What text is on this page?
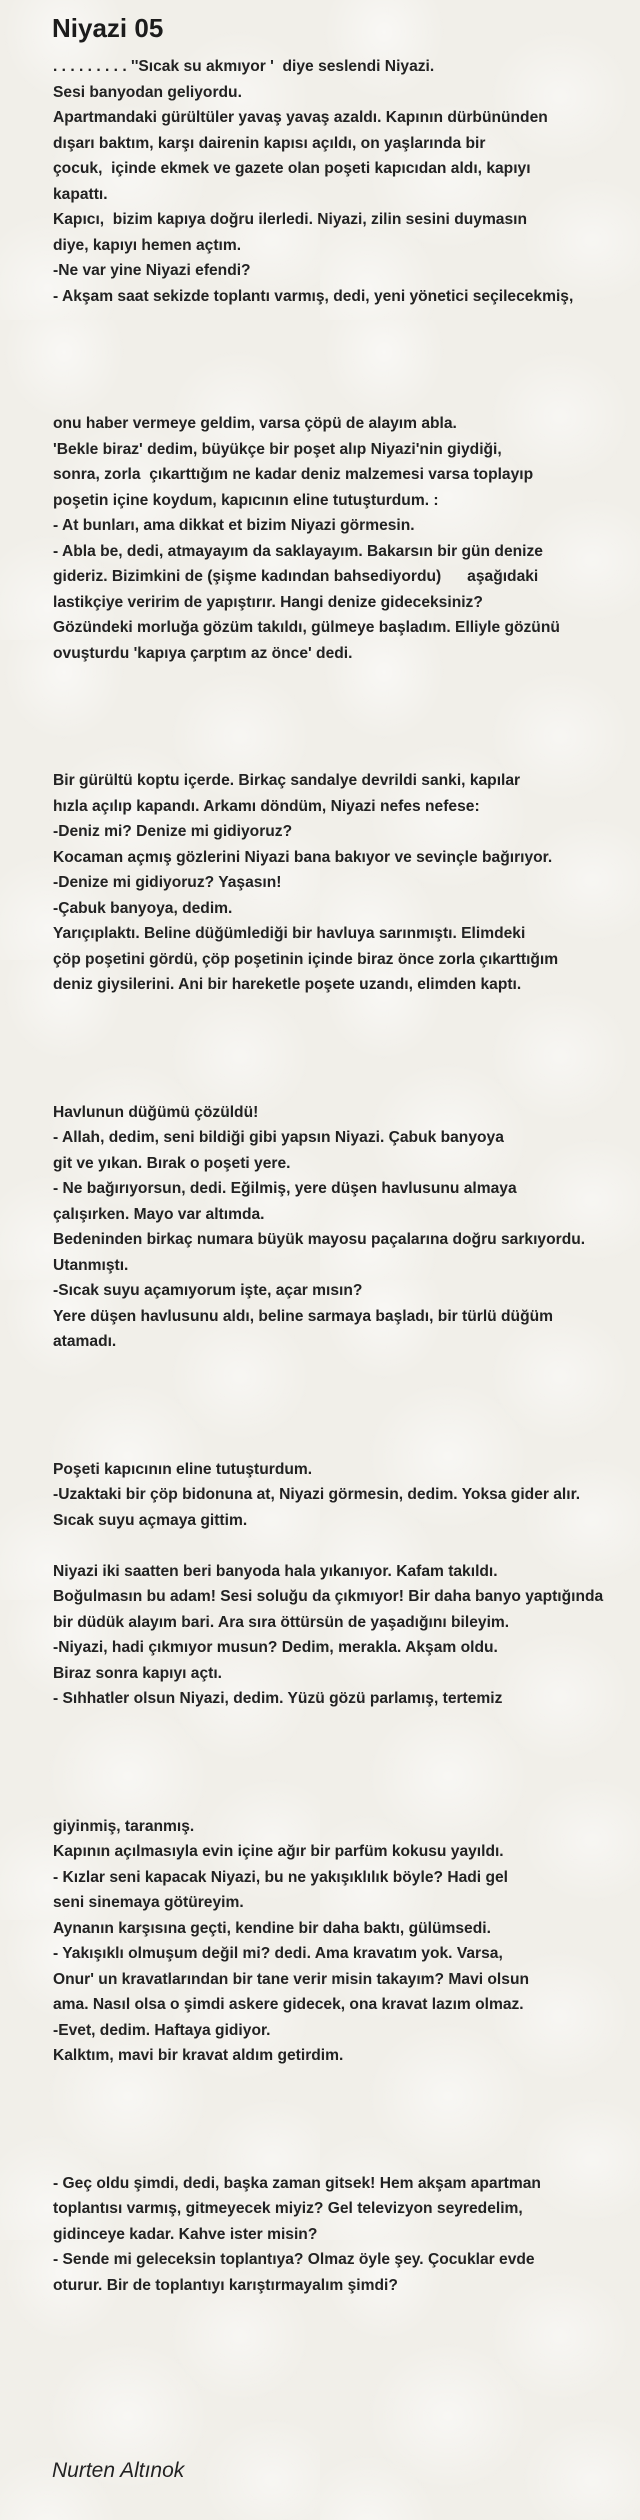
Niyazi 05
. . . . . . . . . ''Sıcak su akmıyor '  diye seslendi Niyazi.
Sesi banyodan geliyordu.
Apartmandaki gürültüler yavaş yavaş azaldı. Kapının dürbününden
dışarı baktım, karşı dairenin kapısı açıldı, on yaşlarında bir
çocuk,  içinde ekmek ve gazete olan poşeti kapıcıdan aldı, kapıyı
kapattı.
Kapıcı,  bizim kapıya doğru ilerledi. Niyazi, zilin sesini duymasın
diye, kapıyı hemen açtım.
-Ne var yine Niyazi efendi?
- Akşam saat sekizde toplantı varmış, dedi, yeni yönetici seçilecekmiş,
onu haber vermeye geldim, varsa çöpü de alayım abla.
'Bekle biraz' dedim, büyükçe bir poşet alıp Niyazi'nin giydiği,
sonra, zorla  çıkarttığım ne kadar deniz malzemesi varsa toplayıp
poşetin içine koydum, kapıcının eline tutuşturdum. :
- At bunları, ama dikkat et bizim Niyazi görmesin.
- Abla be, dedi, atmayayım da saklayayım. Bakarsın bir gün denize
gideriz. Bizimkini de (şişme kadından bahsediyordu)      aşağıdaki
lastikçiye veririm de yapıştırır. Hangi denize gideceksiniz?
Gözündeki morluğa gözüm takıldı, gülmeye başladım. Elliyle gözünü
ovuşturdu 'kapıya çarptım az önce' dedi.
Bir gürültü koptu içerde. Birkaç sandalye devrildi sanki, kapılar
hızla açılıp kapandı. Arkamı döndüm, Niyazi nefes nefese:
-Deniz mi? Denize mi gidiyoruz?
Kocaman açmış gözlerini Niyazi bana bakıyor ve sevinçle bağırıyor.
-Denize mi gidiyoruz? Yaşasın!
-Çabuk banyoya, dedim.
Yarıçıplaktı. Beline düğümlediği bir havluya sarınmıştı. Elimdeki
çöp poşetini gördü, çöp poşetinin içinde biraz önce zorla çıkarttığım
deniz giysilerini. Ani bir hareketle poşete uzandı, elimden kaptı.
Havlunun düğümü çözüldü!
- Allah, dedim, seni bildiği gibi yapsın Niyazi. Çabuk banyoya
git ve yıkan. Bırak o poşeti yere.
- Ne bağırıyorsun, dedi. Eğilmiş, yere düşen havlusunu almaya
çalışırken. Mayo var altımda.
Bedeninden birkaç numara büyük mayosu paçalarına doğru sarkıyordu.
Utanmıştı.
-Sıcak suyu açamıyorum işte, açar mısın?
Yere düşen havlusunu aldı, beline sarmaya başladı, bir türlü düğüm
atamadı.
Poşeti kapıcının eline tutuşturdum.
-Uzaktaki bir çöp bidonuna at, Niyazi görmesin, dedim. Yoksa gider alır.
Sıcak suyu açmaya gittim.
Niyazi iki saatten beri banyoda hala yıkanıyor. Kafam takıldı.
Boğulmasın bu adam! Sesi soluğu da çıkmıyor! Bir daha banyo yaptığında
bir düdük alayım bari. Ara sıra öttürsün de yaşadığını bileyim.
-Niyazi, hadi çıkmıyor musun? Dedim, merakla. Akşam oldu.
Biraz sonra kapıyı açtı.
- Sıhhatler olsun Niyazi, dedim. Yüzü gözü parlamış, tertemiz
giyinmiş, taranmış.
Kapının açılmasıyla evin içine ağır bir parfüm kokusu yayıldı.
- Kızlar seni kapacak Niyazi, bu ne yakışıklılık böyle? Hadi gel
seni sinemaya götüreyim.
Aynanın karşısına geçti, kendine bir daha baktı, gülümsedi.
- Yakışıklı olmuşum değil mi? dedi. Ama kravatım yok. Varsa,
Onur' un kravatlarından bir tane verir misin takayım? Mavi olsun
ama. Nasıl olsa o şimdi askere gidecek, ona kravat lazım olmaz.
-Evet, dedim. Haftaya gidiyor.
Kalktım, mavi bir kravat aldım getirdim.
- Geç oldu şimdi, dedi, başka zaman gitsek! Hem akşam apartman
toplantısı varmış, gitmeyecek miyiz? Gel televizyon seyredelim,
gidinceye kadar. Kahve ister misin?
- Sende mi geleceksin toplantıya? Olmaz öyle şey. Çocuklar evde
oturur. Bir de toplantıyı karıştırmayalım şimdi?
Nurten Altınok
